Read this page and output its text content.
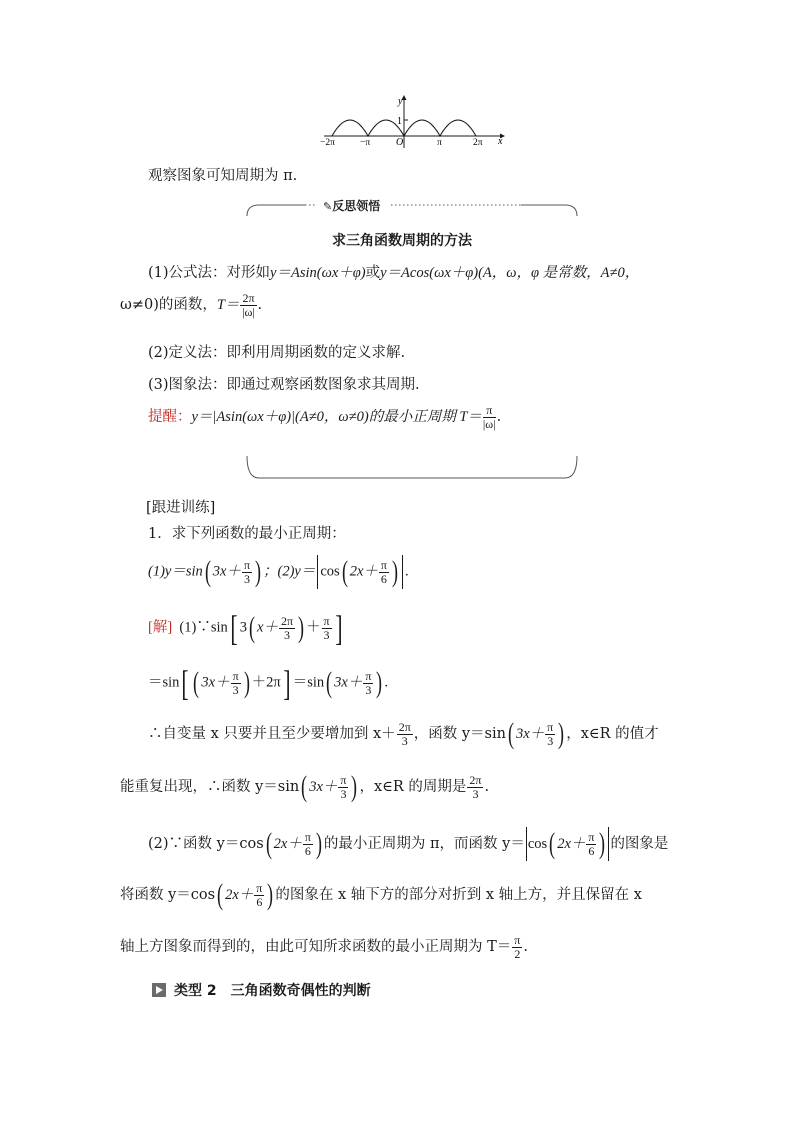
y
x
1
O
−2π	−π	π	2π
观察图象可知周期为 π.
✎反思领悟
求三角函数周期的方法
(1)公式法：对形如y＝Asin(ωx＋φ)或y＝Acos(ωx＋φ)(A，ω，φ 是常数，A≠0，
ω≠0)的函数，$T= \frac{2\pi}{|\omega|}$ .
(2)定义法：即利用周期函数的定义求解.
(3)图象法：即通过观察函数图象求其周期.
提醒：y＝|Asin(ωx＋φ)|(A≠0，ω≠0)的最小正周期 $T= \frac{\pi}{|\omega|}$ .
[跟进训练]
1．求下列函数的最小正周期：
(1)y＝sin( $3x+ \frac{\pi}{3}$ ) ；(2)y＝ cos( $2x+ \frac{\pi}{6}$ ) .
[解] (1)∵sin[ 3( $x+ \frac{2\pi}{3}$ ) ＋ $\frac{\pi}{3}$ ]
＝sin[ ( $3x+ \frac{\pi}{3}$ ) ＋2π] ＝sin( $3x+ \frac{\pi}{3}$ ) .
∴自变量 x 只要并且至少要增加到 $x+ \frac{2\pi}{3}$ ，函数 y＝sin( $3x+ \frac{\pi}{3}$ ) ，x∈R 的值才
能重复出现，∴函数 y＝sin( $3x+ \frac{\pi}{3}$ ) ，x∈R 的周期是 $\frac{2\pi}{3}$ .
(2)∵函数 y＝cos( $2x+ \frac{\pi}{6}$ ) 的最小正周期为 π，而函数 y＝ cos( $2x+ \frac{\pi}{6}$ ) 的图象是
将函数 y＝cos( $2x+ \frac{\pi}{6}$ ) 的图象在 x 轴下方的部分对折到 x 轴上方，并且保留在 x
轴上方图象而得到的，由此可知所求函数的最小正周期为 $T= \frac{\pi}{2}$ .
类型 2　三角函数奇偶性的判断
